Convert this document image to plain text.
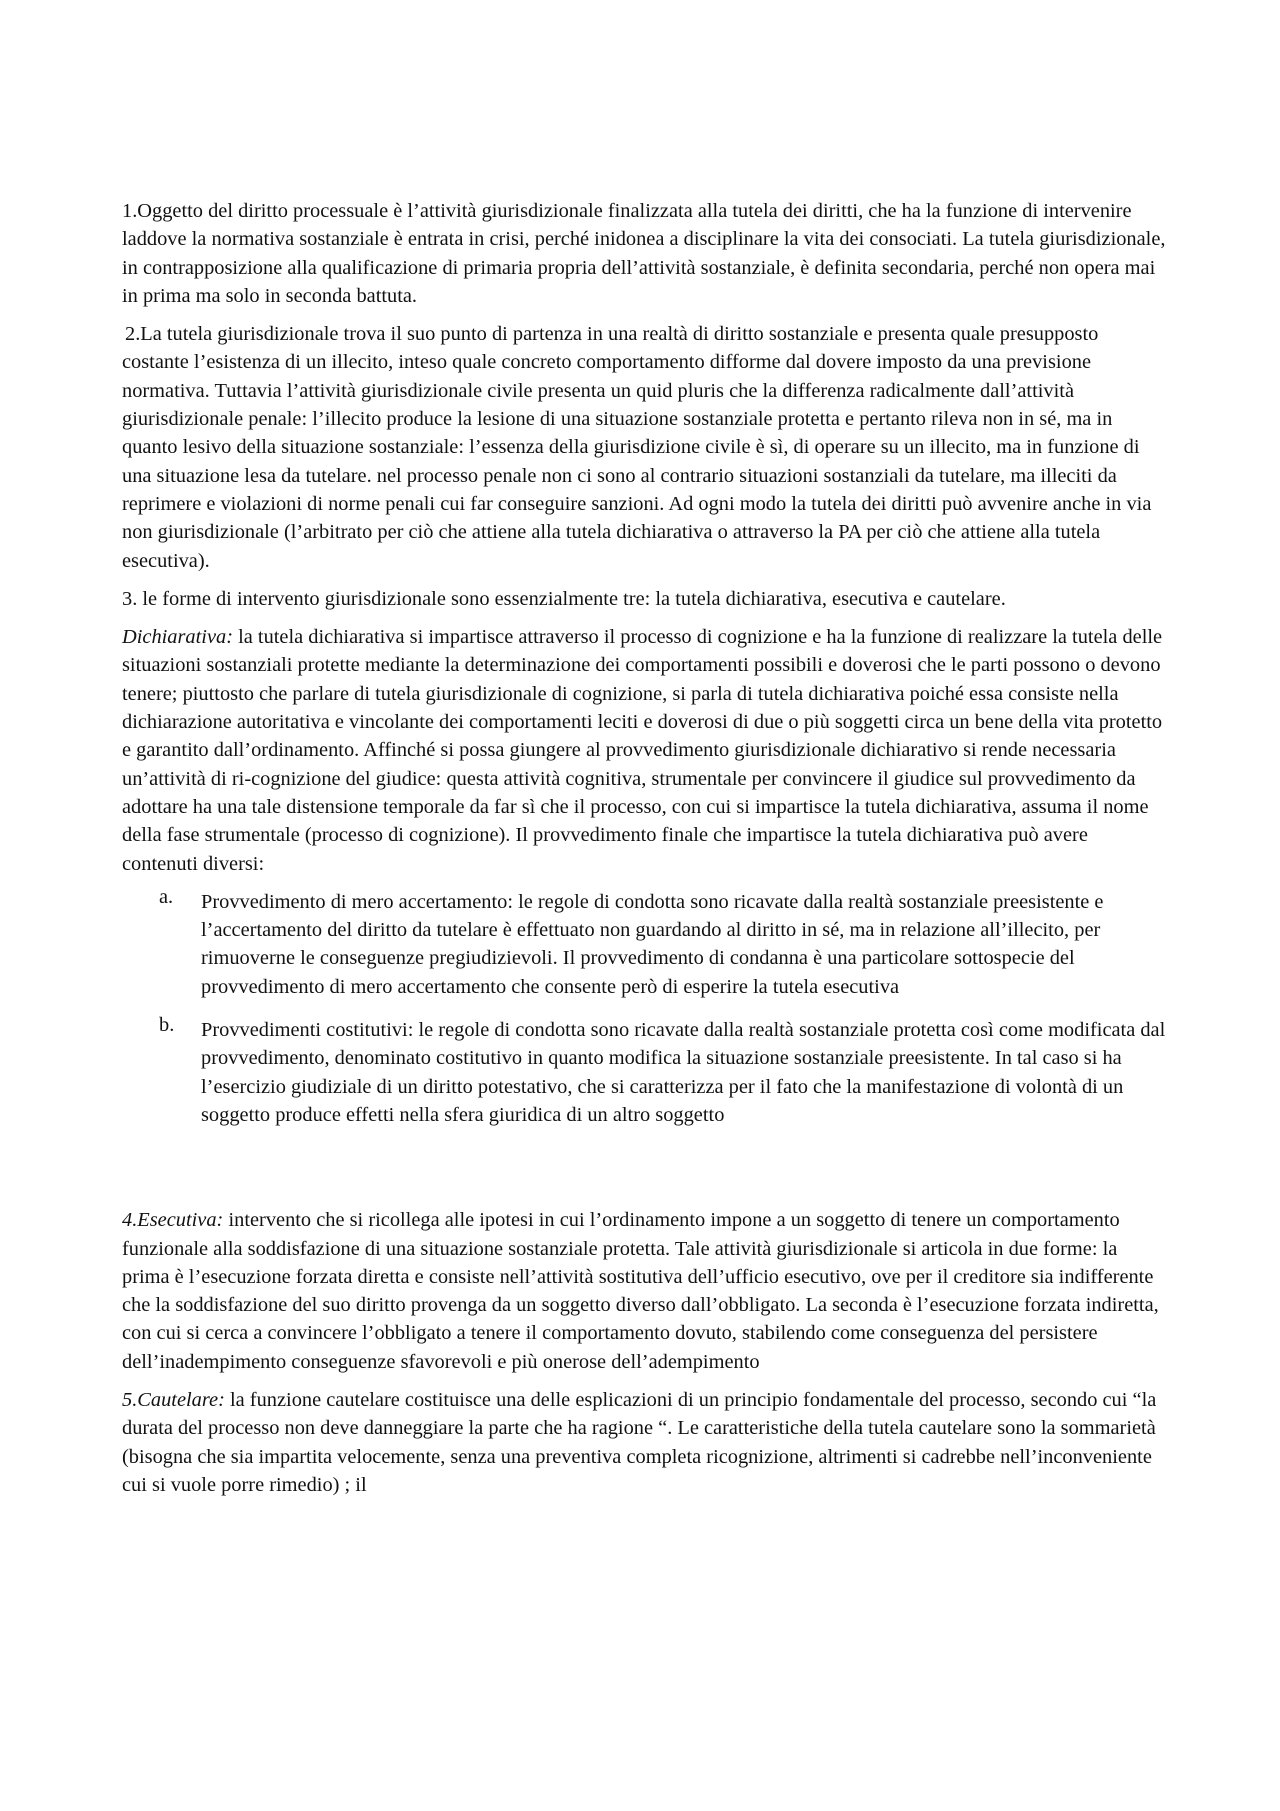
1.Oggetto del diritto processuale è l’attività giurisdizionale finalizzata alla tutela dei diritti, che ha la funzione di intervenire laddove la normativa sostanziale è entrata in crisi, perché inidonea a disciplinare la vita dei consociati. La tutela giurisdizionale, in contrapposizione alla qualificazione di primaria propria dell’attività sostanziale, è definita secondaria, perché non opera mai in prima ma solo in seconda battuta.

2.La tutela giurisdizionale trova il suo punto di partenza in una realtà di diritto sostanziale e presenta quale presupposto costante l’esistenza di un illecito, inteso quale concreto comportamento difforme dal dovere imposto da una previsione normativa. Tuttavia l’attività giurisdizionale civile presenta un quid pluris che la differenza radicalmente dall’attività giurisdizionale penale: l’illecito produce la lesione di una situazione sostanziale protetta e pertanto rileva non in sé, ma in quanto lesivo della situazione sostanziale: l’essenza della giurisdizione civile è sì, di operare su un illecito, ma in funzione di una situazione lesa da tutelare. nel processo penale non ci sono al contrario situazioni sostanziali da tutelare, ma illeciti da reprimere e violazioni di norme penali cui far conseguire sanzioni. Ad ogni modo la tutela dei diritti può avvenire anche in via non giurisdizionale (l’arbitrato per ciò che attiene alla tutela dichiarativa o attraverso la PA per ciò che attiene alla tutela esecutiva).

3. le forme di intervento giurisdizionale sono essenzialmente tre: la tutela dichiarativa, esecutiva e cautelare.

Dichiarativa: la tutela dichiarativa si impartisce attraverso il processo di cognizione e ha la funzione di realizzare la tutela delle situazioni sostanziali protette mediante la determinazione dei comportamenti possibili e doverosi che le parti possono o devono tenere; piuttosto che parlare di tutela giurisdizionale di cognizione, si parla di tutela dichiarativa poiché essa consiste nella dichiarazione autoritativa e vincolante dei comportamenti leciti e doverosi di due o più soggetti circa un bene della vita protetto e garantito dall’ordinamento. Affinché si possa giungere al provvedimento giurisdizionale dichiarativo si rende necessaria un’attività di ri-cognizione del giudice: questa attività cognitiva, strumentale per convincere il giudice sul provvedimento da adottare ha una tale distensione temporale da far sì che il processo, con cui si impartisce la tutela dichiarativa, assuma il nome della fase strumentale (processo di cognizione). Il provvedimento finale che impartisce la tutela dichiarativa può avere contenuti diversi:

a. Provvedimento di mero accertamento: le regole di condotta sono ricavate dalla realtà sostanziale preesistente e l’accertamento del diritto da tutelare è effettuato non guardando al diritto in sé, ma in relazione all’illecito, per rimuoverne le conseguenze pregiudizievoli. Il provvedimento di condanna è una particolare sottospecie del provvedimento di mero accertamento che consente però di esperire la tutela esecutiva
b. Provvedimenti costitutivi: le regole di condotta sono ricavate dalla realtà sostanziale protetta così come modificata dal provvedimento, denominato costitutivo in quanto modifica la situazione sostanziale preesistente. In tal caso si ha l’esercizio giudiziale di un diritto potestativo, che si caratterizza per il fato che la manifestazione di volontà di un soggetto produce effetti nella sfera giuridica di un altro soggetto

4.Esecutiva: intervento che si ricollega alle ipotesi in cui l’ordinamento impone a un soggetto di tenere un comportamento funzionale alla soddisfazione di una situazione sostanziale protetta. Tale attività giurisdizionale si articola in due forme: la prima è l’esecuzione forzata diretta e consiste nell’attività sostitutiva dell’ufficio esecutivo, ove per il creditore sia indifferente che la soddisfazione del suo diritto provenga da un soggetto diverso dall’obbligato. La seconda è l’esecuzione forzata indiretta, con cui si cerca a convincere l’obbligato a tenere il comportamento dovuto, stabilendo come conseguenza del persistere dell’inadempimento conseguenze sfavorevoli e più onerose dell’adempimento

5.Cautelare: la funzione cautelare costituisce una delle esplicazioni di un principio fondamentale del processo, secondo cui “la durata del processo non deve danneggiare la parte che ha ragione “. Le caratteristiche della tutela cautelare sono la sommarietà (bisogna che sia impartita velocemente, senza una preventiva completa ricognizione, altrimenti si cadrebbe nell’inconveniente cui si vuole porre rimedio) ; il
